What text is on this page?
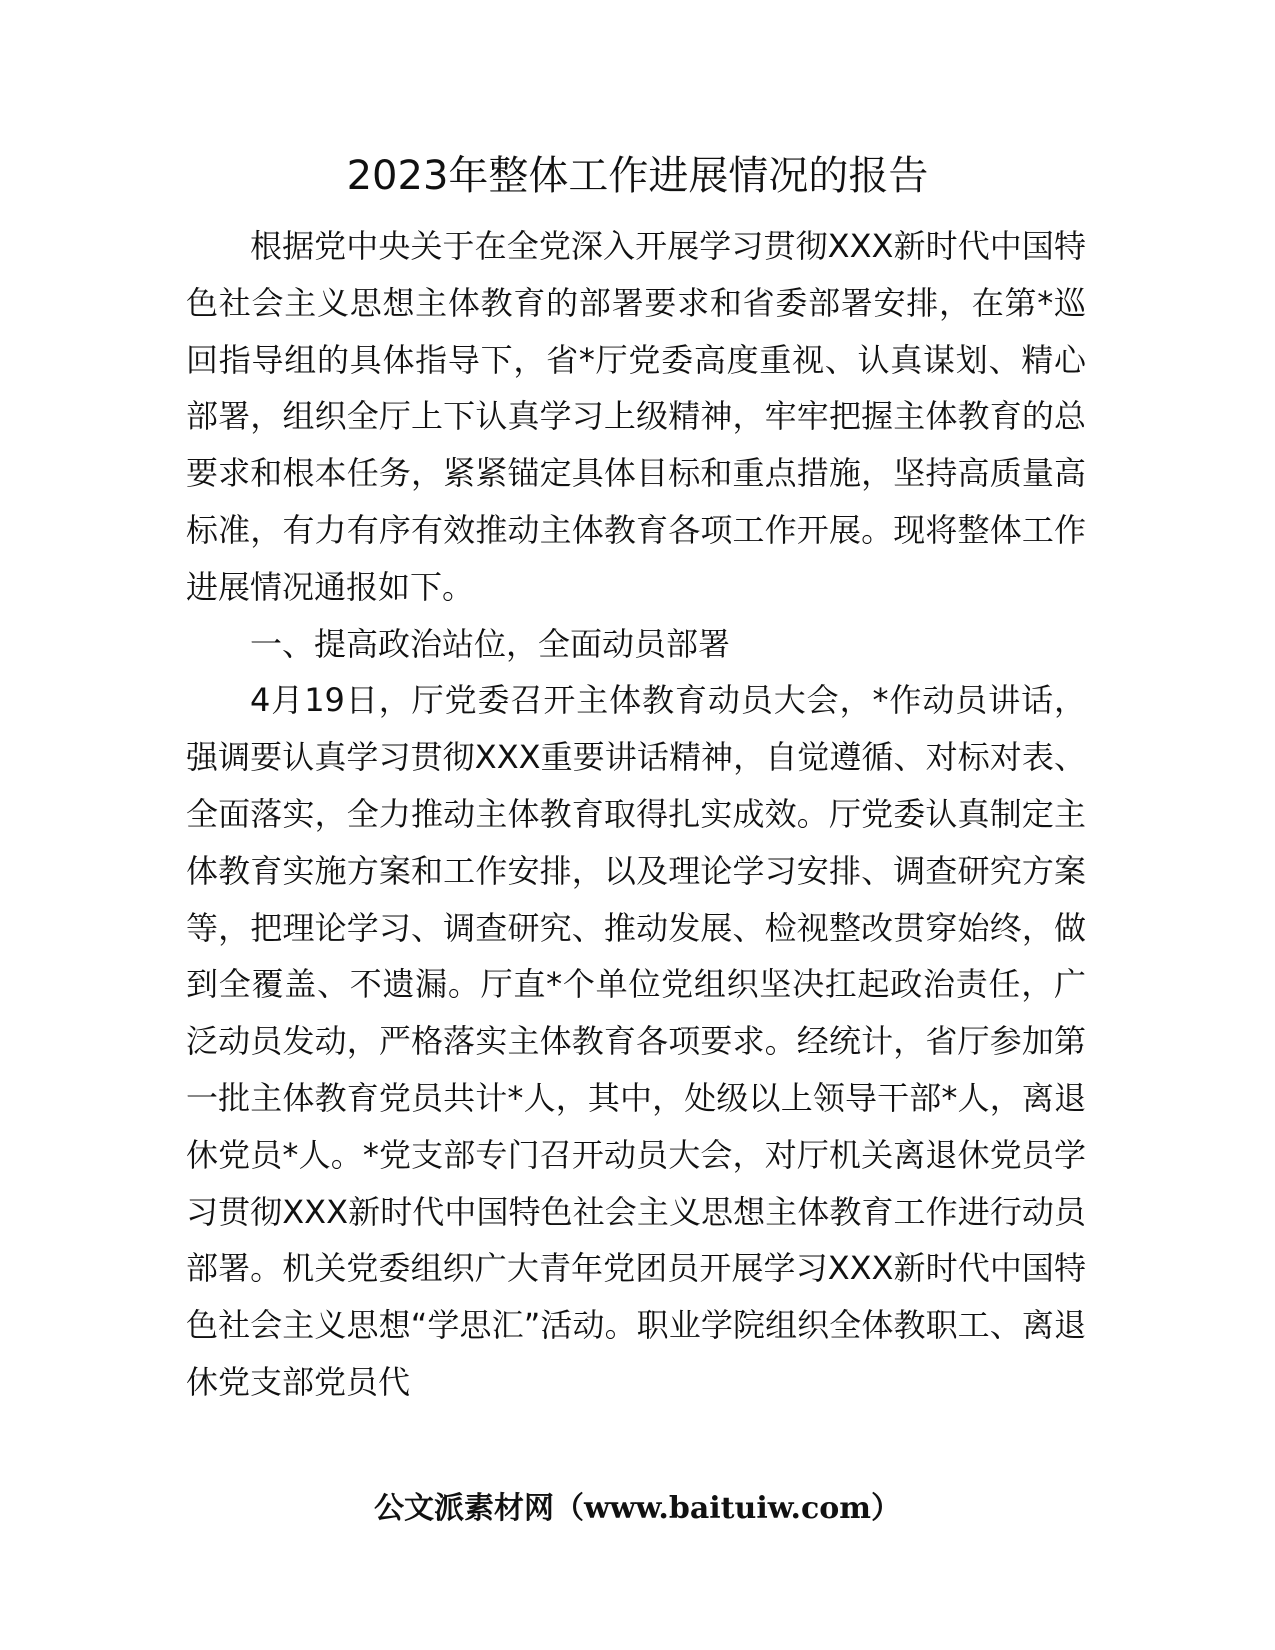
2023年整体工作进展情况的报告

根据党中央关于在全党深入开展学习贯彻XXX新时代中国特色社会主义思想主体教育的部署要求和省委部署安排，在第*巡回指导组的具体指导下，省*厅党委高度重视、认真谋划、精心部署，组织全厅上下认真学习上级精神，牢牢把握主体教育的总要求和根本任务，紧紧锚定具体目标和重点措施，坚持高质量高标准，有力有序有效推动主体教育各项工作开展。现将整体工作进展情况通报如下。

一、提高政治站位，全面动员部署

4月19日，厅党委召开主体教育动员大会，*作动员讲话，强调要认真学习贯彻XXX重要讲话精神，自觉遵循、对标对表、全面落实，全力推动主体教育取得扎实成效。厅党委认真制定主体教育实施方案和工作安排，以及理论学习安排、调查研究方案等，把理论学习、调查研究、推动发展、检视整改贯穿始终，做到全覆盖、不遗漏。厅直*个单位党组织坚决扛起政治责任，广泛动员发动，严格落实主体教育各项要求。经统计，省厅参加第一批主体教育党员共计*人，其中，处级以上领导干部*人，离退休党员*人。*党支部专门召开动员大会，对厅机关离退休党员学习贯彻XXX新时代中国特色社会主义思想主体教育工作进行动员部署。机关党委组织广大青年党团员开展学习XXX新时代中国特色社会主义思想“学思汇”活动。职业学院组织全体教职工、离退休党支部党员代

公文派素材网（www.baituiw.com）
